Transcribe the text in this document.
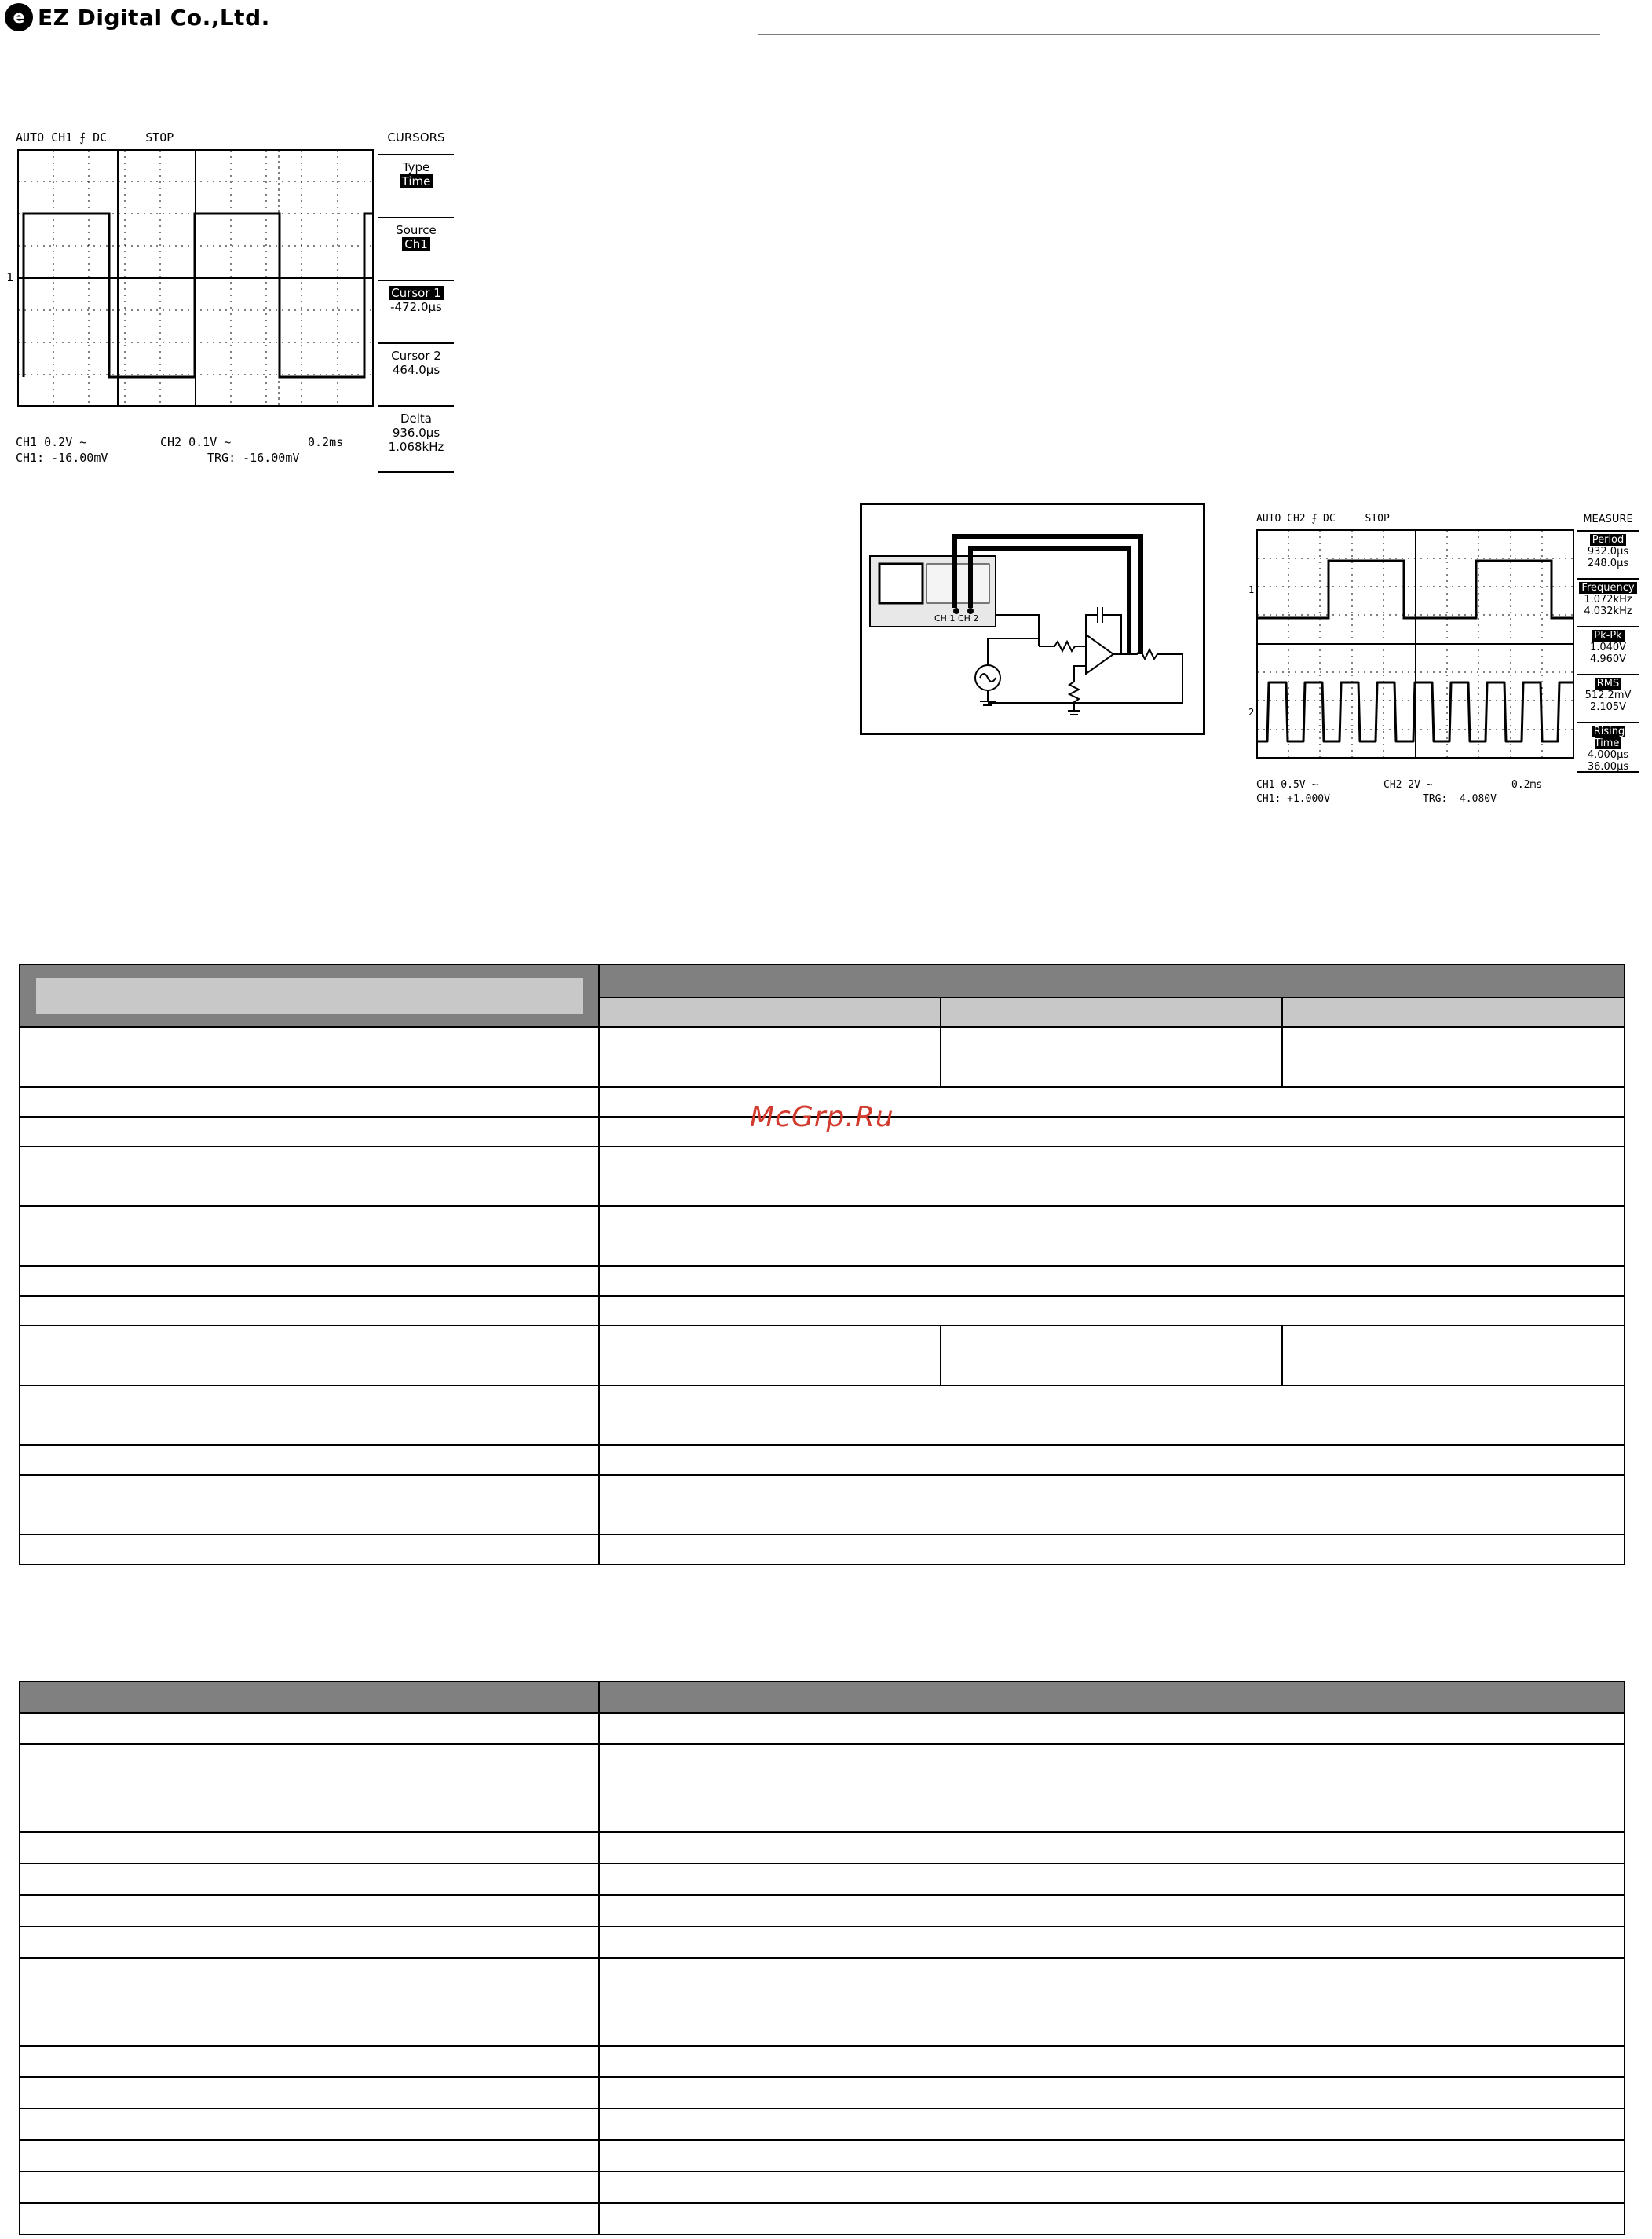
e EZ Digital Co.,Ltd.
AUTO CH1 ⨍ DC	STOP
1
CURSORS
Type
Time
Source
Ch1
Cursor 1
-472.0µs
Cursor 2
464.0µs
Delta
936.0µs
1.068kHz
CH1 0.2V ~	CH2 0.1V ~	0.2ms
CH1: -16.00mV	TRG: -16.00mV
CH 1 CH 2
AUTO CH2 ⨍ DC	STOP
1
2
MEASURE
Period
932.0µs
248.0µs
Frequency
1.072kHz
4.032kHz
Pk-Pk
1.040V
4.960V
RMS
512.2mV
2.105V
Rising Time
4.000µs
36.00µs
CH1 0.5V ~	CH2 2V ~	0.2ms
CH1: +1.000V	TRG: -4.080V

McGrp.Ru
